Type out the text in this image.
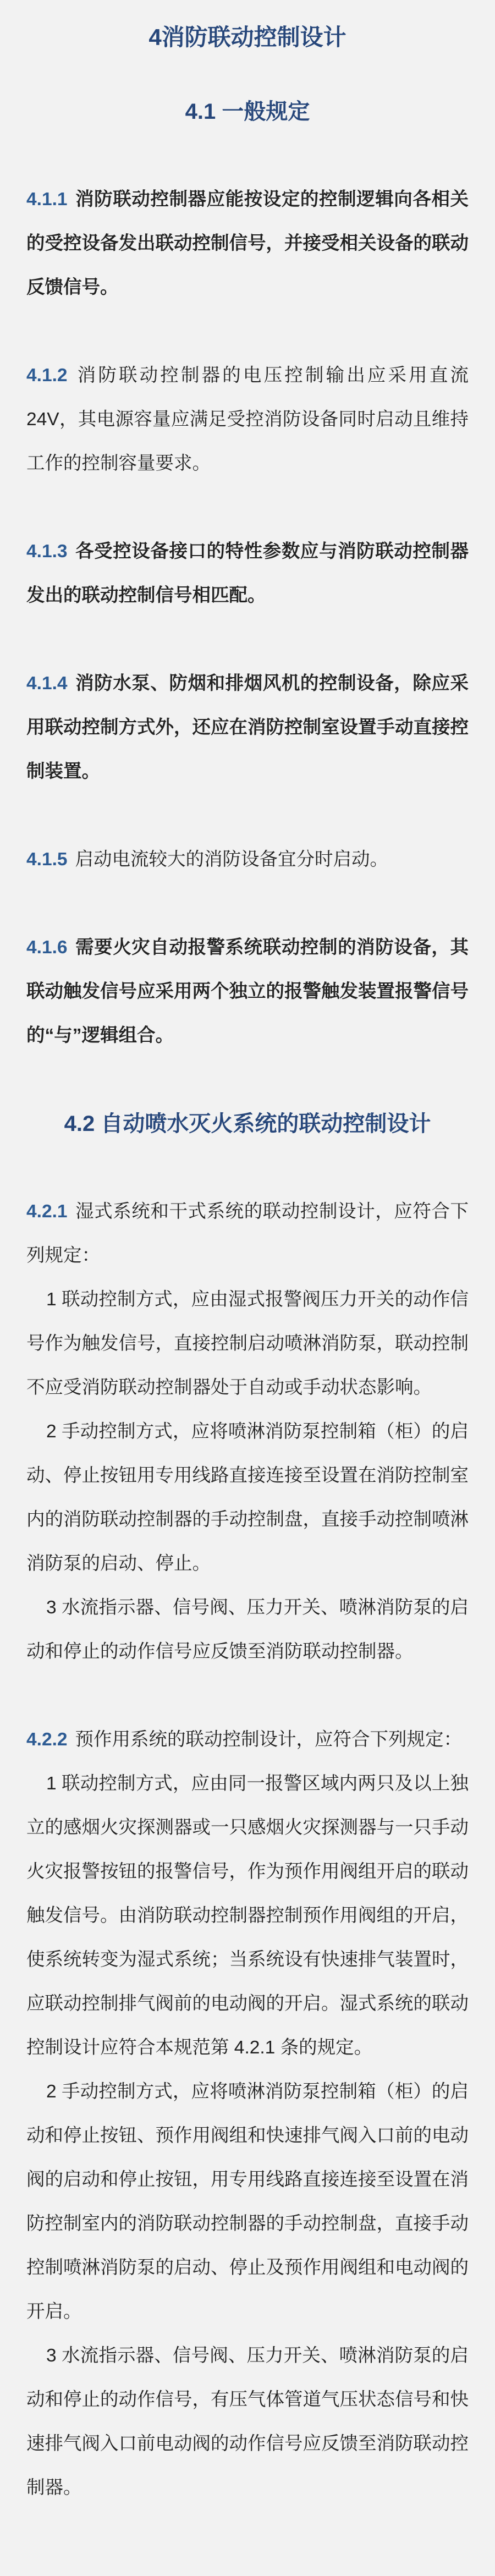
4消防联动控制设计
4.1 一般规定

4.1.1 消防联动控制器应能按设定的控制逻辑向各相关的受控设备发出联动控制信号，并接受相关设备的联动反馈信号。

4.1.2 消防联动控制器的电压控制输出应采用直流24V，其电源容量应满足受控消防设备同时启动且维持工作的控制容量要求。

4.1.3 各受控设备接口的特性参数应与消防联动控制器发出的联动控制信号相匹配。

4.1.4 消防水泵、防烟和排烟风机的控制设备，除应采用联动控制方式外，还应在消防控制室设置手动直接控制装置。

4.1.5 启动电流较大的消防设备宜分时启动。

4.1.6 需要火灾自动报警系统联动控制的消防设备，其联动触发信号应采用两个独立的报警触发装置报警信号的“与”逻辑组合。

4.2 自动喷水灭火系统的联动控制设计

4.2.1 湿式系统和干式系统的联动控制设计，应符合下列规定：

1 联动控制方式，应由湿式报警阀压力开关的动作信号作为触发信号，直接控制启动喷淋消防泵，联动控制不应受消防联动控制器处于自动或手动状态影响。

2 手动控制方式，应将喷淋消防泵控制箱（柜）的启动、停止按钮用专用线路直接连接至设置在消防控制室内的消防联动控制器的手动控制盘，直接手动控制喷淋消防泵的启动、停止。

3 水流指示器、信号阀、压力开关、喷淋消防泵的启动和停止的动作信号应反馈至消防联动控制器。

4.2.2 预作用系统的联动控制设计，应符合下列规定：

1 联动控制方式，应由同一报警区域内两只及以上独立的感烟火灾探测器或一只感烟火灾探测器与一只手动火灾报警按钮的报警信号，作为预作用阀组开启的联动触发信号。由消防联动控制器控制预作用阀组的开启，使系统转变为湿式系统；当系统设有快速排气装置时，应联动控制排气阀前的电动阀的开启。湿式系统的联动控制设计应符合本规范第 4.2.1 条的规定。

2 手动控制方式，应将喷淋消防泵控制箱（柜）的启动和停止按钮、预作用阀组和快速排气阀入口前的电动阀的启动和停止按钮，用专用线路直接连接至设置在消防控制室内的消防联动控制器的手动控制盘，直接手动控制喷淋消防泵的启动、停止及预作用阀组和电动阀的开启。

3 水流指示器、信号阀、压力开关、喷淋消防泵的启动和停止的动作信号，有压气体管道气压状态信号和快速排气阀入口前电动阀的动作信号应反馈至消防联动控制器。
